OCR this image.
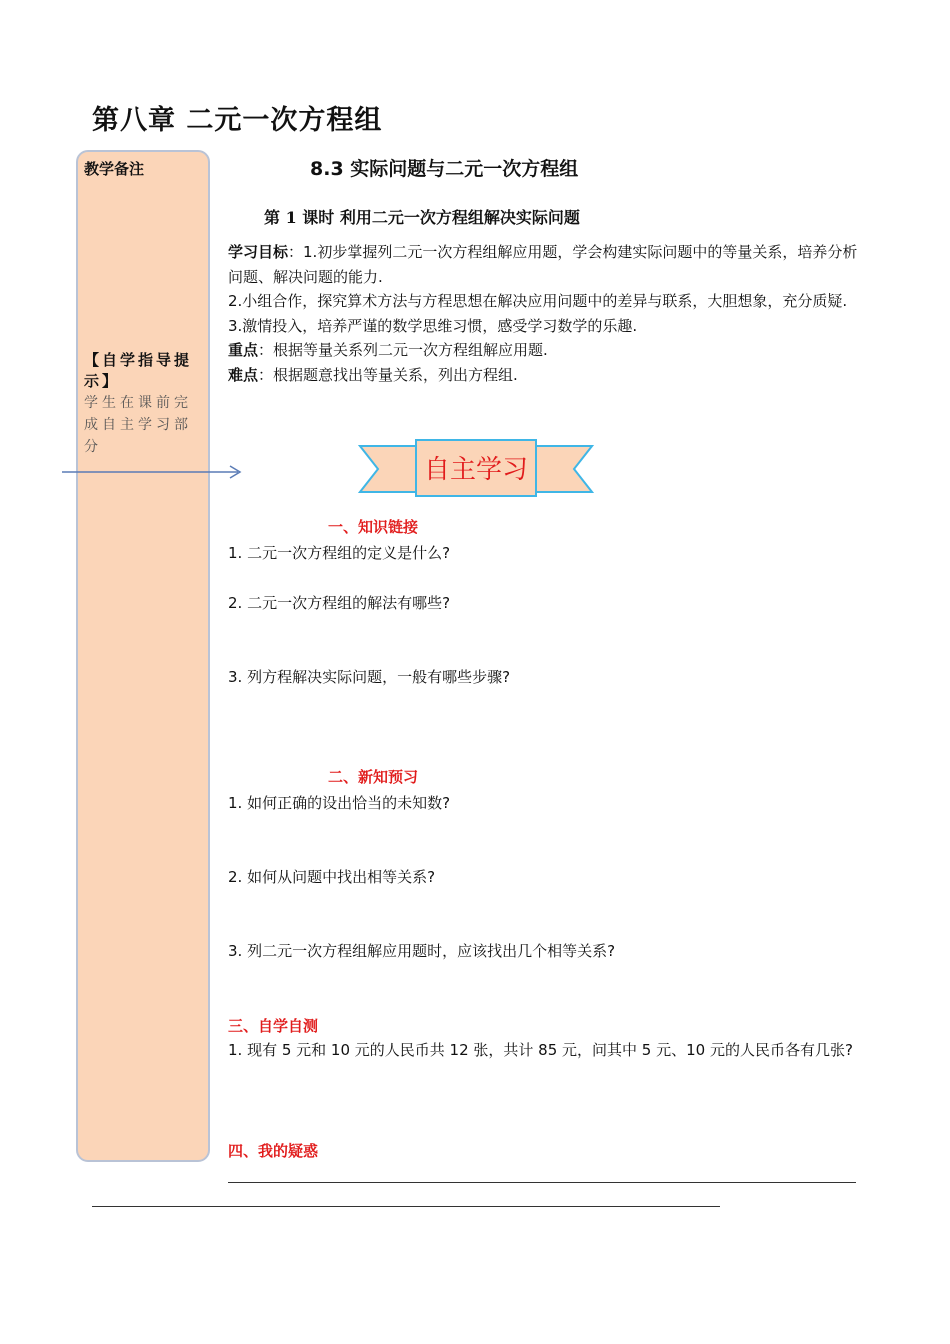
第八章 二元一次方程组
教学备注
【自学指导提示】
学生在课前完成自主学习部分
8.3 实际问题与二元一次方程组
第 1 课时 利用二元一次方程组解决实际问题

学习目标：1.初步掌握列二元一次方程组解应用题，学会构建实际问题中的等量关系，培养分析问题、解决问题的能力.

2.小组合作，探究算术方法与方程思想在解决应用问题中的差异与联系，大胆想象，充分质疑.

3.激情投入，培养严谨的数学思维习惯，感受学习数学的乐趣.

重点：根据等量关系列二元一次方程组解应用题.

难点：根据题意找出等量关系，列出方程组.

自主学习
一、知识链接
1. 二元一次方程组的定义是什么?
2. 二元一次方程组的解法有哪些?
3. 列方程解决实际问题，一般有哪些步骤?
二、新知预习
1. 如何正确的设出恰当的未知数?
2. 如何从问题中找出相等关系?
3. 列二元一次方程组解应用题时，应该找出几个相等关系?
三、自学自测
1. 现有 5 元和 10 元的人民币共 12 张，共计 85 元，问其中 5 元、10 元的人民币各有几张?
四、我的疑惑
